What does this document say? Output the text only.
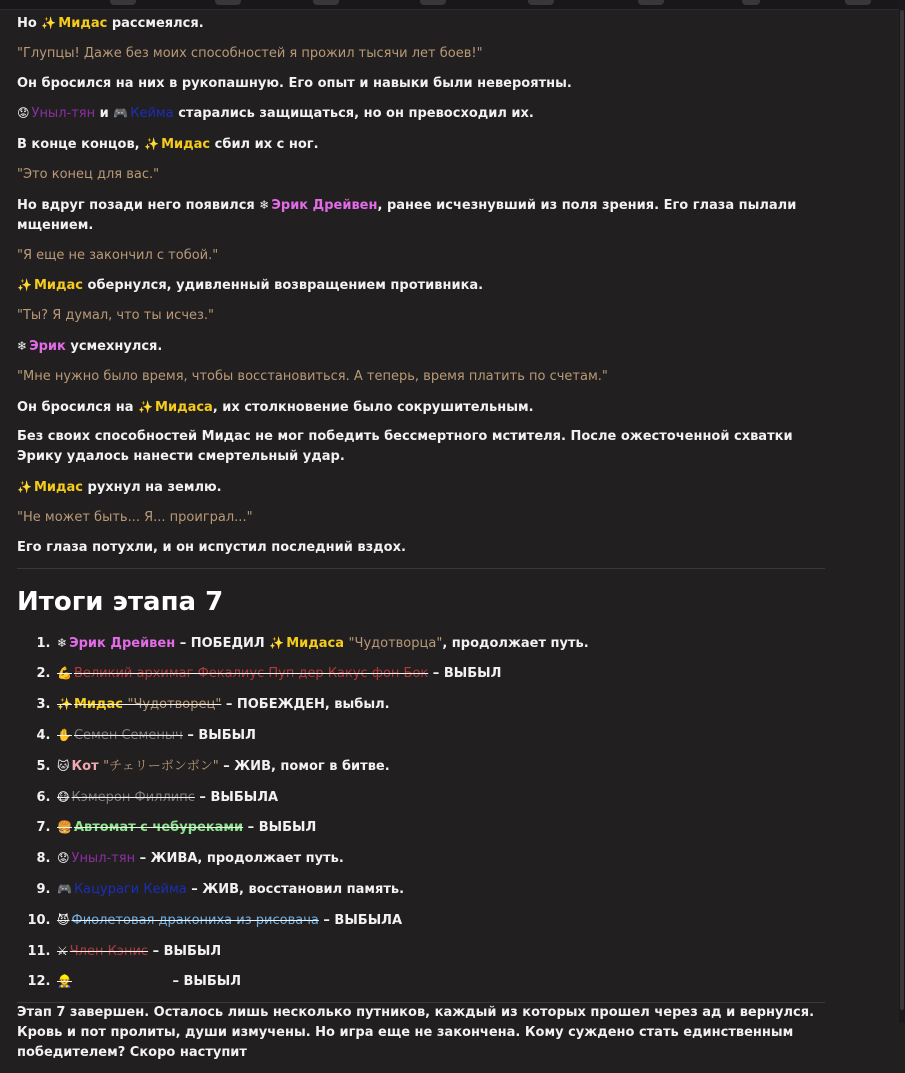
Но ✨ Мидас рассмеялся.

"Глупцы! Даже без моих способностей я прожил тысячи лет боев!"

Он бросился на них в рукопашную. Его опыт и навыки были невероятны.

😟 Уныл-тян и 🎮 Кейма старались защищаться, но он превосходил их.

В конце концов, ✨ Мидас сбил их с ног.

"Это конец для вас."

Но вдруг позади него появился ❄ Эрик Дрейвен, ранее исчезнувший из поля зрения. Его глаза пылали мщением.

"Я еще не закончил с тобой."

✨ Мидас обернулся, удивленный возвращением противника.

"Ты? Я думал, что ты исчез."

❄ Эрик усмехнулся.

"Мне нужно было время, чтобы восстановиться. А теперь, время платить по счетам."

Он бросился на ✨ Мидаса, их столкновение было сокрушительным.

Без своих способностей Мидас не мог победить бессмертного мстителя. После ожесточенной схватки Эрику удалось нанести смертельный удар.

✨ Мидас рухнул на землю.

"Не может быть... Я... проиграл..."

Его глаза потухли, и он испустил последний вздох.

Итоги этапа 7
1. ❄ Эрик Дрейвен – ПОБЕДИЛ ✨ Мидаса "Чудотворца", продолжает путь.
2. 💪 Великий архимаг Фекалиус Пуп дер Какус фон Бок – ВЫБЫЛ
3. ✨ Мидас "Чудотворец" – ПОБЕЖДЕН, выбыл.
4. ✋ Семен Семеныч – ВЫБЫЛ
5. 🐱 Кот "チェリーボンボン" – ЖИВ, помог в битве.
6. 😷 Кэмерон Филлипс – ВЫБЫЛА
7. 🍔 Автомат с чебуреками – ВЫБЫЛ
8. 😟 Уныл-тян – ЖИВА, продолжает путь.
9. 🎮 Кацураги Кейма – ЖИВ, восстановил память.
10. 😈 Фиолетовая дракониха из рисовача – ВЫБЫЛА
11. ⚔ Член Кэнис – ВЫБЫЛ
12. 👷	– ВЫБЫЛ

Этап 7 завершен. Осталось лишь несколько путников, каждый из которых прошел через ад и вернулся. Кровь и пот пролиты, души измучены. Но игра еще не закончена. Кому суждено стать единственным победителем? Скоро наступит
